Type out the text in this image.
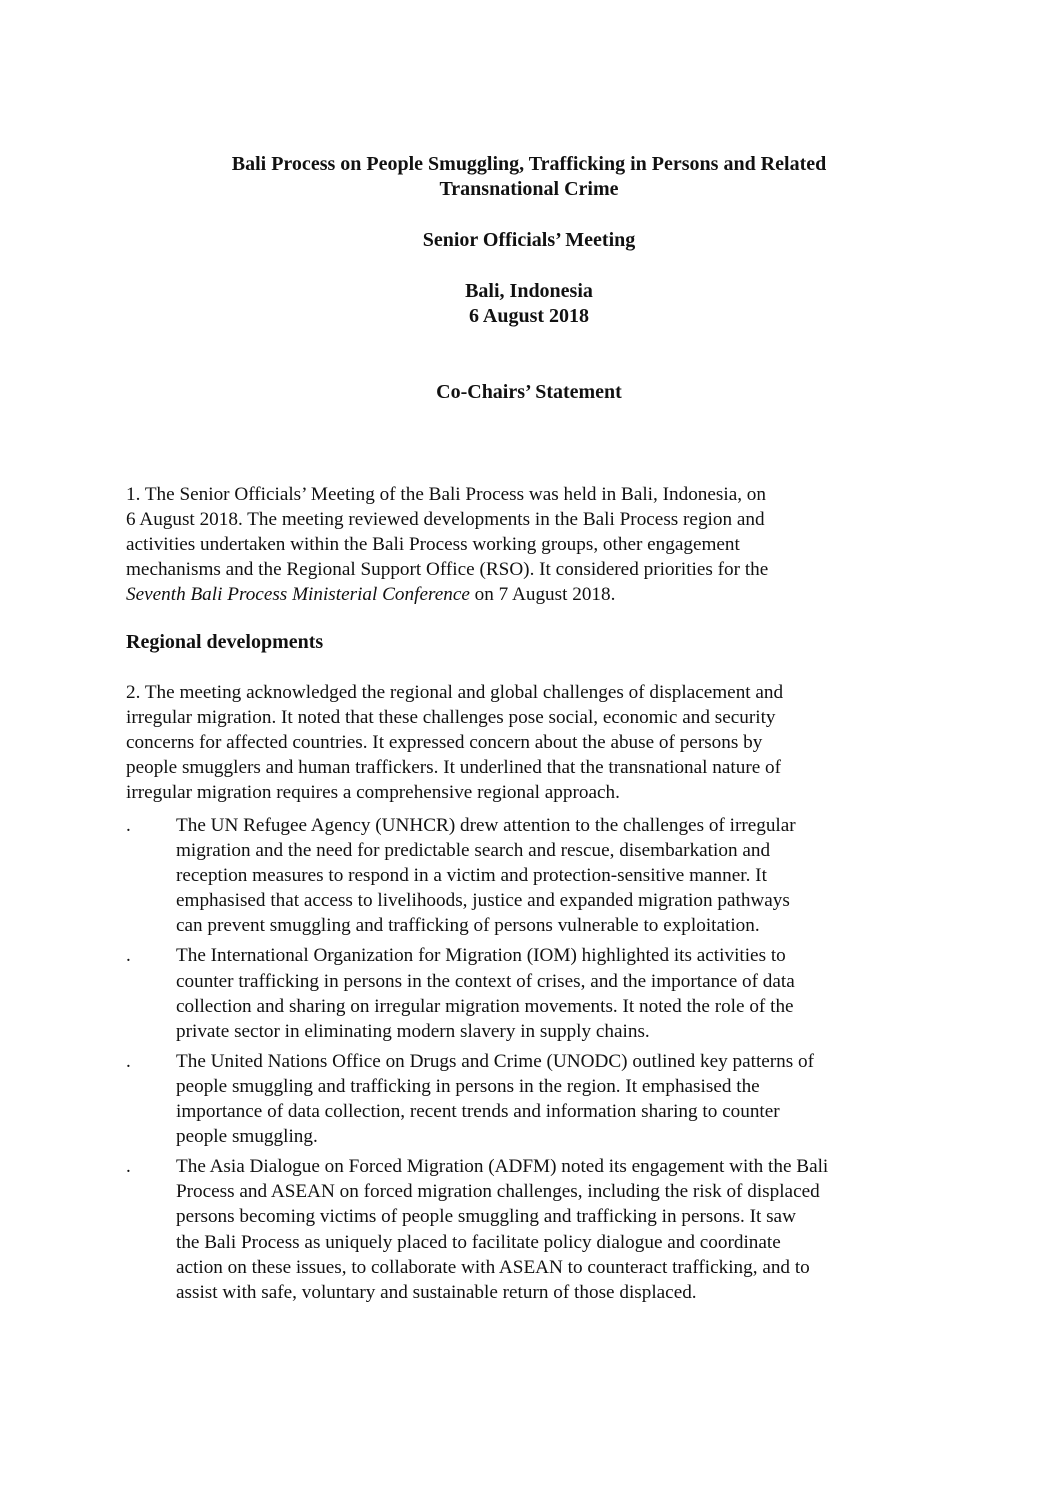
Bali Process on People Smuggling, Trafficking in Persons and Related
Transnational Crime
Senior Officials’ Meeting
Bali, Indonesia
6 August 2018
Co-Chairs’ Statement
1. The Senior Officials’ Meeting of the Bali Process was held in Bali, Indonesia, on
6 August 2018. The meeting reviewed developments in the Bali Process region and
activities undertaken within the Bali Process working groups, other engagement
mechanisms and the Regional Support Office (RSO). It considered priorities for the
Seventh Bali Process Ministerial Conference on 7 August 2018.
Regional developments
2. The meeting acknowledged the regional and global challenges of displacement and
irregular migration. It noted that these challenges pose social, economic and security
concerns for affected countries. It expressed concern about the abuse of persons by
people smugglers and human traffickers. It underlined that the transnational nature of
irregular migration requires a comprehensive regional approach.
. The UN Refugee Agency (UNHCR) drew attention to the challenges of irregular
migration and the need for predictable search and rescue, disembarkation and
reception measures to respond in a victim and protection-sensitive manner. It
emphasised that access to livelihoods, justice and expanded migration pathways
can prevent smuggling and trafficking of persons vulnerable to exploitation.
. The International Organization for Migration (IOM) highlighted its activities to
counter trafficking in persons in the context of crises, and the importance of data
collection and sharing on irregular migration movements. It noted the role of the
private sector in eliminating modern slavery in supply chains.
. The United Nations Office on Drugs and Crime (UNODC) outlined key patterns of
people smuggling and trafficking in persons in the region. It emphasised the
importance of data collection, recent trends and information sharing to counter
people smuggling.
. The Asia Dialogue on Forced Migration (ADFM) noted its engagement with the Bali
Process and ASEAN on forced migration challenges, including the risk of displaced
persons becoming victims of people smuggling and trafficking in persons. It saw
the Bali Process as uniquely placed to facilitate policy dialogue and coordinate
action on these issues, to collaborate with ASEAN to counteract trafficking, and to
assist with safe, voluntary and sustainable return of those displaced.
